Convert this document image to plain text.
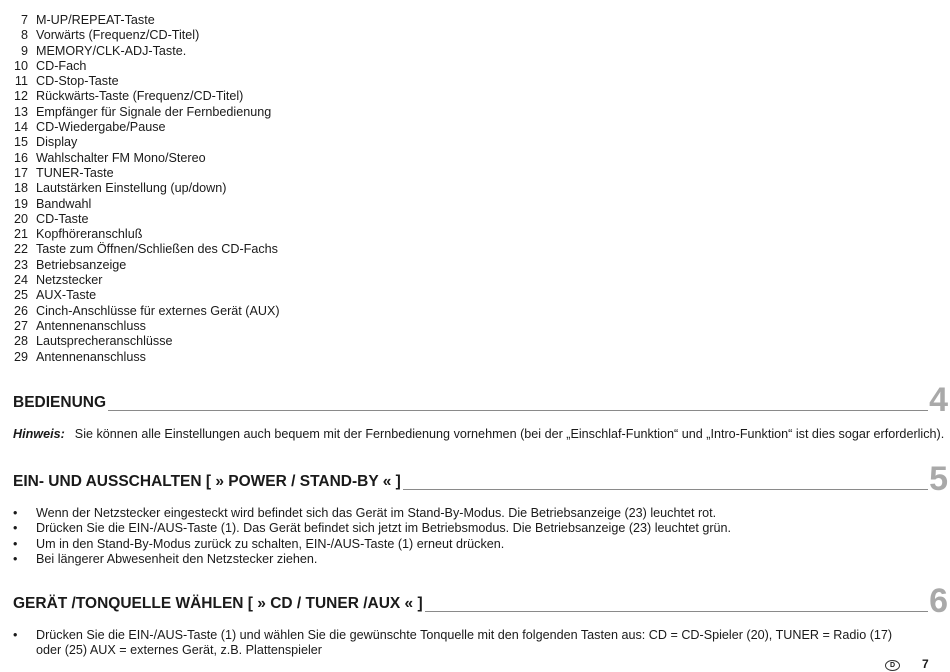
7 M-UP/REPEAT-Taste
8 Vorwärts (Frequenz/CD-Titel)
9 MEMORY/CLK-ADJ-Taste.
10 CD-Fach
11 CD-Stop-Taste
12 Rückwärts-Taste (Frequenz/CD-Titel)
13 Empfänger für Signale der Fernbedienung
14 CD-Wiedergabe/Pause
15 Display
16 Wahlschalter FM Mono/Stereo
17 TUNER-Taste
18 Lautstärken Einstellung (up/down)
19 Bandwahl
20 CD-Taste
21 Kopfhöreranschluß
22 Taste zum Öffnen/Schließen des CD-Fachs
23 Betriebsanzeige
24 Netzstecker
25 AUX-Taste
26 Cinch-Anschlüsse für externes Gerät (AUX)
27 Antennenanschluss
28 Lautsprecheranschlüsse
29 Antennenanschluss
BEDIENUNG	4
Hinweis: Sie können alle Einstellungen auch bequem mit der Fernbedienung vornehmen (bei der „Einschlaf-Funktion“ und „Intro-Funktion“ ist dies sogar erforderlich).
EIN- UND AUSSCHALTEN [ » POWER / STAND-BY « ]	5
• Wenn der Netzstecker eingesteckt wird befindet sich das Gerät im Stand-By-Modus. Die Betriebsanzeige (23) leuchtet rot.
• Drücken Sie die EIN-/AUS-Taste (1). Das Gerät befindet sich jetzt im Betriebsmodus. Die Betriebsanzeige (23) leuchtet grün.
• Um in den Stand-By-Modus zurück zu schalten, EIN-/AUS-Taste (1) erneut drücken.
• Bei längerer Abwesenheit den Netzstecker ziehen.
GERÄT /TONQUELLE WÄHLEN [ » CD / TUNER /AUX « ]	6
• Drücken Sie die EIN-/AUS-Taste (1) und wählen Sie die gewünschte Tonquelle mit den folgenden Tasten aus: CD = CD-Spieler (20), TUNER = Radio (17)
oder (25) AUX = externes Gerät, z.B. Plattenspieler
D	7
